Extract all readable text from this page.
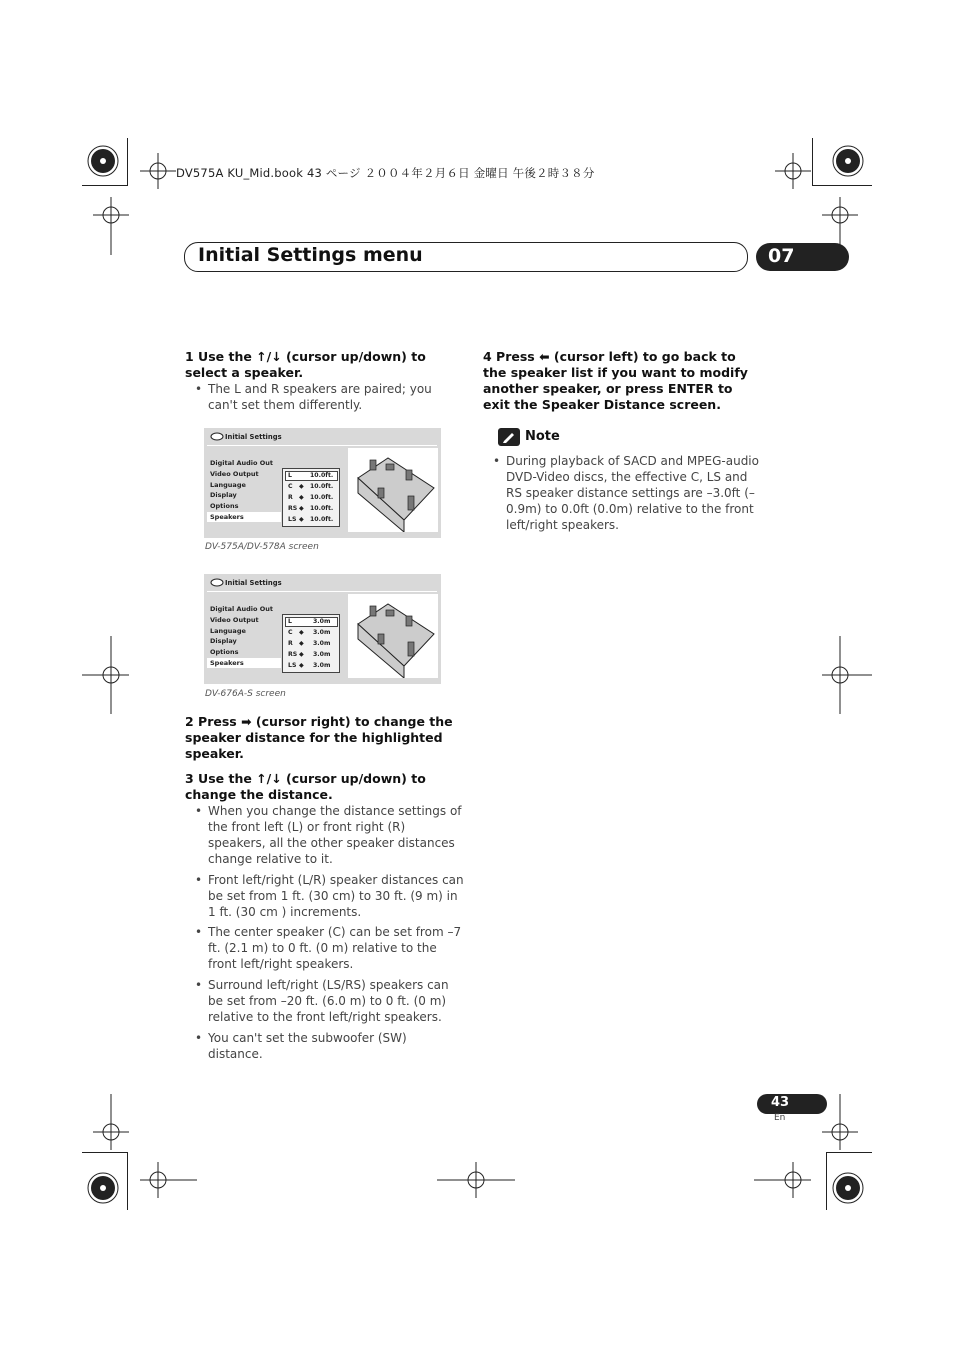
DV575A KU_Mid.book 43 ページ ２００４年２月６日 金曜日 午後２時３８分
Initial Settings menu	07
1 Use the ↑/↓ (cursor up/down) to select a speaker.
• The L and R speakers are paired; you can't set them differently.
Initial Settings
Digital Audio Out
Video Output
Language
Display
Options
Speakers
L	10.0ft.
C ◆ 10.0ft.
R ◆ 10.0ft.
RS ◆ 10.0ft.
LS ◆ 10.0ft.
DV-575A/DV-578A screen
Initial Settings
Digital Audio Out
Video Output
Language
Display
Options
Speakers
L	3.0m
C ◆ 3.0m
R ◆ 3.0m
RS ◆ 3.0m
LS ◆ 3.0m
DV-676A-S screen
2 Press ➡ (cursor right) to change the speaker distance for the highlighted speaker.
3 Use the ↑/↓ (cursor up/down) to change the distance.
• When you change the distance settings of the front left (L) or front right (R) speakers, all the other speaker distances change relative to it.
• Front left/right (L/R) speaker distances can be set from 1 ft. (30 cm) to 30 ft. (9 m) in 1 ft. (30 cm ) increments.
• The center speaker (C) can be set from –7 ft. (2.1 m) to 0 ft. (0 m) relative to the front left/right speakers.
• Surround left/right (LS/RS) speakers can be set from –20 ft. (6.0 m) to 0 ft. (0 m) relative to the front left/right speakers.
• You can't set the subwoofer (SW) distance.
4 Press ⬅ (cursor left) to go back to the speaker list if you want to modify another speaker, or press ENTER to exit the Speaker Distance screen.
Note
• During playback of SACD and MPEG-audio DVD-Video discs, the effective C, LS and RS speaker distance settings are –3.0ft (–0.9m) to 0.0ft (0.0m) relative to the front left/right speakers.
43
En
